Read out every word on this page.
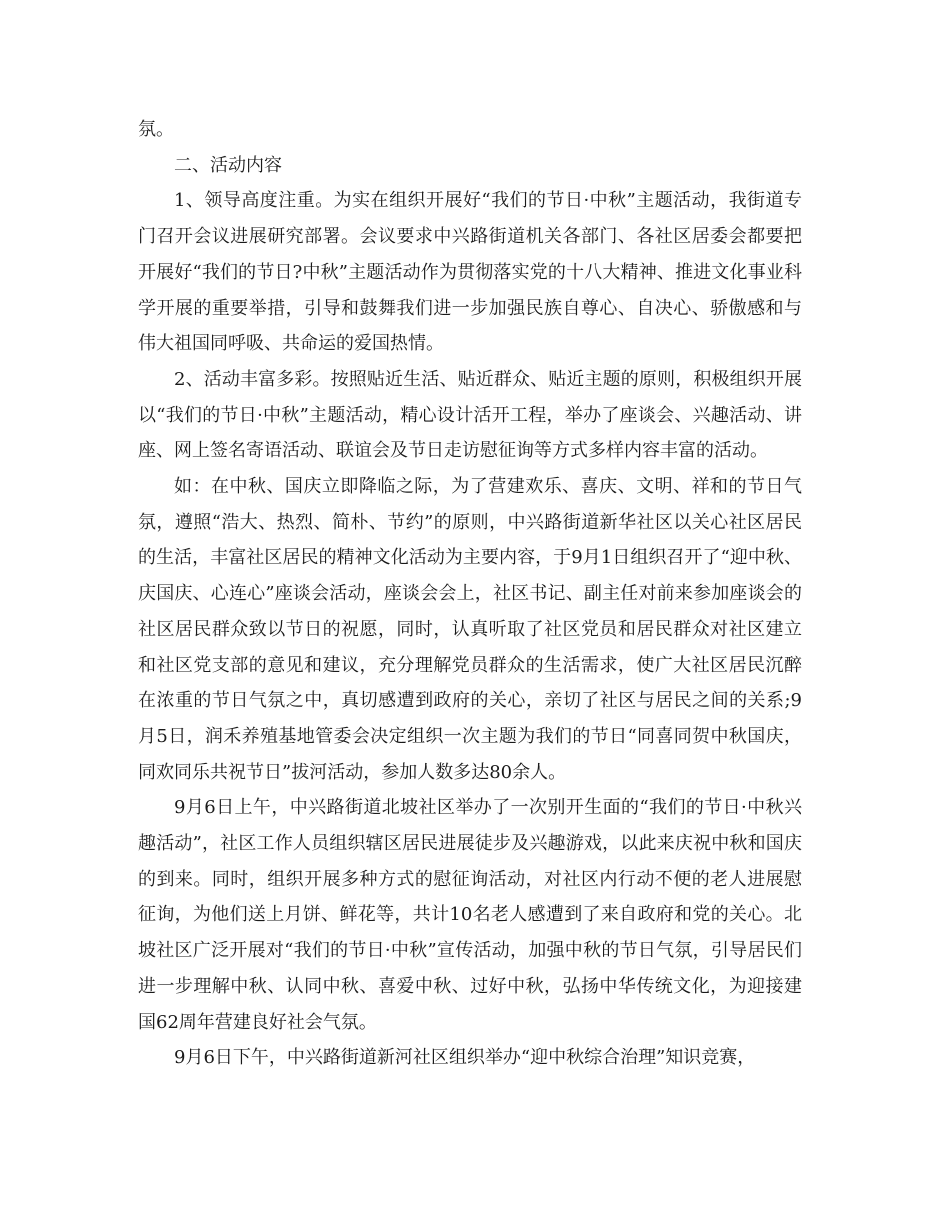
氛。

二、活动内容

1、领导高度注重。为实在组织开展好“我们的节日·中秋”主题活动，我街道专门召开会议进展研究部署。会议要求中兴路街道机关各部门、各社区居委会都要把开展好“我们的节日?中秋”主题活动作为贯彻落实党的十八大精神、推进文化事业科学开展的重要举措，引导和鼓舞我们进一步加强民族自尊心、自决心、骄傲感和与伟大祖国同呼吸、共命运的爱国热情。

2、活动丰富多彩。按照贴近生活、贴近群众、贴近主题的原则，积极组织开展以“我们的节日·中秋”主题活动，精心设计活开工程，举办了座谈会、兴趣活动、讲座、网上签名寄语活动、联谊会及节日走访慰征询等方式多样内容丰富的活动。

如：在中秋、国庆立即降临之际，为了营建欢乐、喜庆、文明、祥和的节日气氛，遵照“浩大、热烈、简朴、节约”的原则，中兴路街道新华社区以关心社区居民的生活，丰富社区居民的精神文化活动为主要内容，于9月1日组织召开了“迎中秋、庆国庆、心连心”座谈会活动，座谈会会上，社区书记、副主任对前来参加座谈会的社区居民群众致以节日的祝愿，同时，认真听取了社区党员和居民群众对社区建立和社区党支部的意见和建议，充分理解党员群众的生活需求，使广大社区居民沉醉在浓重的节日气氛之中，真切感遭到政府的关心，亲切了社区与居民之间的关系;9月5日，润禾养殖基地管委会决定组织一次主题为我们的节日“同喜同贺中秋国庆，同欢同乐共祝节日”拔河活动，参加人数多达80余人。

9月6日上午，中兴路街道北坡社区举办了一次别开生面的“我们的节日·中秋兴趣活动”，社区工作人员组织辖区居民进展徒步及兴趣游戏，以此来庆祝中秋和国庆的到来。同时，组织开展多种方式的慰征询活动，对社区内行动不便的老人进展慰征询，为他们送上月饼、鲜花等，共计10名老人感遭到了来自政府和党的关心。北坡社区广泛开展对“我们的节日·中秋”宣传活动，加强中秋的节日气氛，引导居民们进一步理解中秋、认同中秋、喜爱中秋、过好中秋，弘扬中华传统文化，为迎接建国62周年营建良好社会气氛。

9月6日下午，中兴路街道新河社区组织举办“迎中秋综合治理”知识竞赛，
